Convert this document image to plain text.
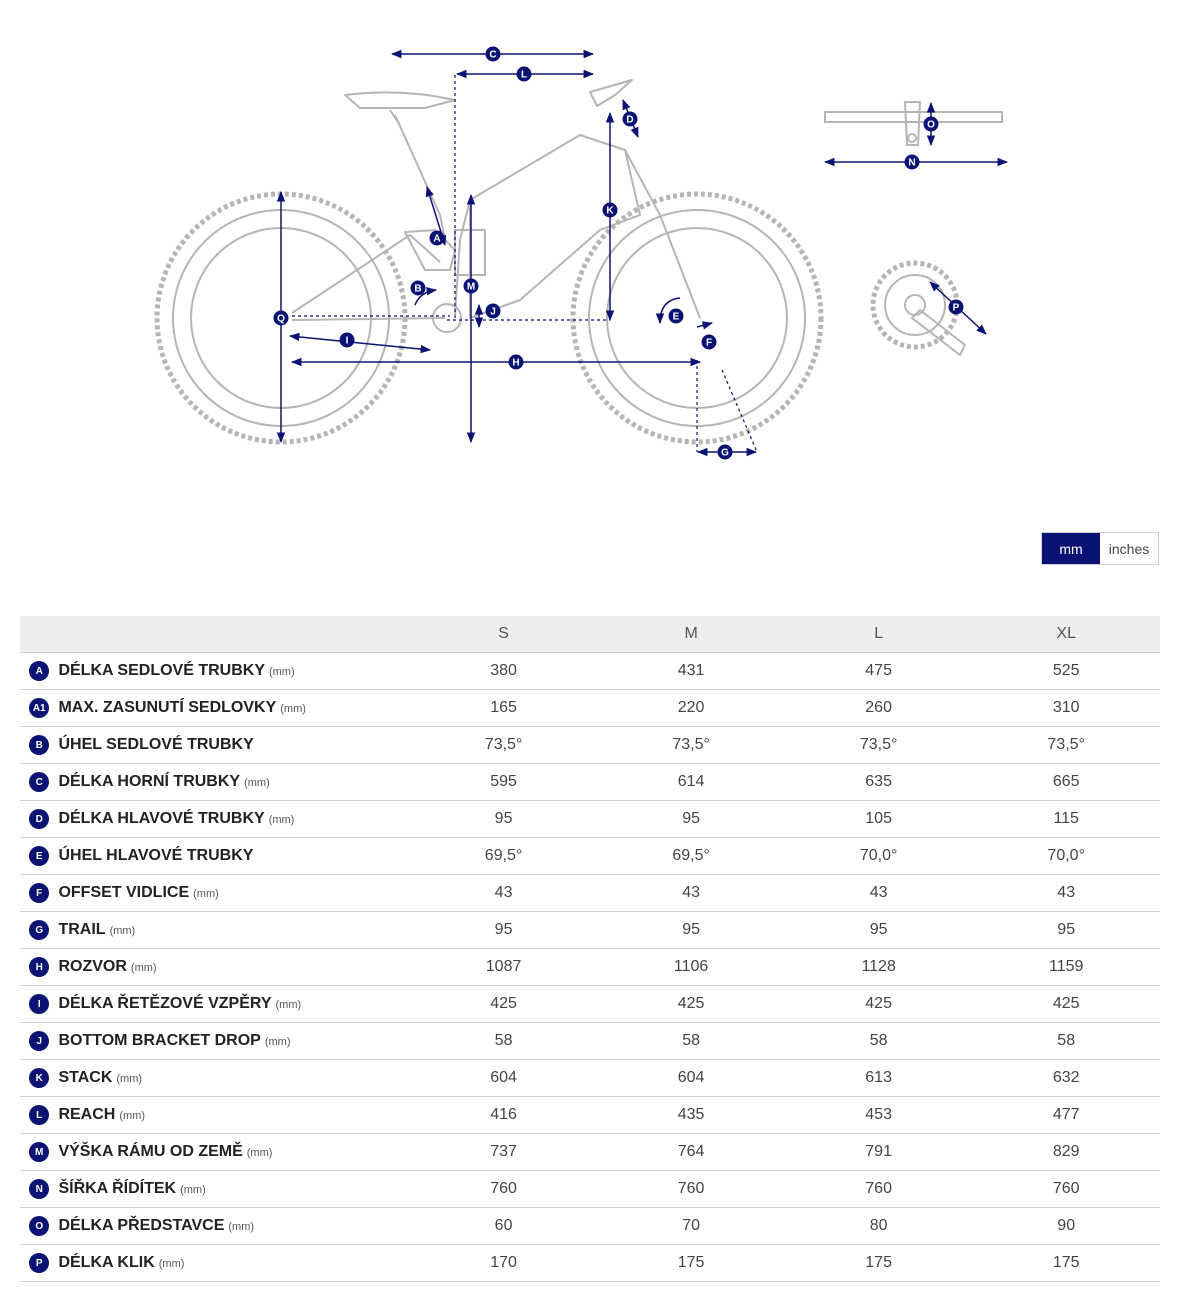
C
L
D
K
A
B	M
J
Q
I
H
E
F
G
O
N
P
mm	inches
		S	M	L	XL
A	DÉLKA SEDLOVÉ TRUBKY (mm)	380	431	475	525
A1	MAX. ZASUNUTÍ SEDLOVKY (mm)	165	220	260	310
B	ÚHEL SEDLOVÉ TRUBKY	73,5°	73,5°	73,5°	73,5°
C	DÉLKA HORNÍ TRUBKY (mm)	595	614	635	665
D	DÉLKA HLAVOVÉ TRUBKY (mm)	95	95	105	115
E	ÚHEL HLAVOVÉ TRUBKY	69,5°	69,5°	70,0°	70,0°
F	OFFSET VIDLICE (mm)	43	43	43	43
G	TRAIL (mm)	95	95	95	95
H	ROZVOR (mm)	1087	1106	1128	1159
I	DÉLKA ŘETĚZOVÉ VZPĚRY (mm)	425	425	425	425
J	BOTTOM BRACKET DROP (mm)	58	58	58	58
K	STACK (mm)	604	604	613	632
L	REACH (mm)	416	435	453	477
M	VÝŠKA RÁMU OD ZEMĚ (mm)	737	764	791	829
N	ŠÍŘKA ŘÍDÍTEK (mm)	760	760	760	760
O	DÉLKA PŘEDSTAVCE (mm)	60	70	80	90
P	DÉLKA KLIK (mm)	170	175	175	175
